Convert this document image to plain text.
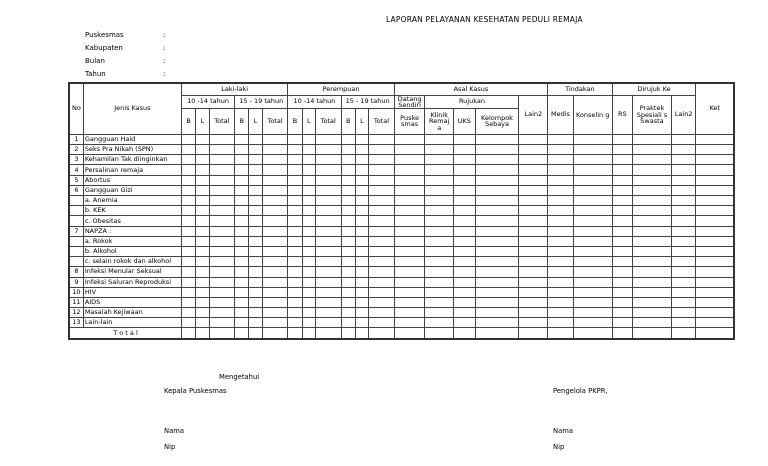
LAPORAN PELAYANAN KESEHATAN PEDULI REMAJA
Puskesmas	:
Kabupaten	:
Bulan	:
Tahun	:
No	Jenis Kasus	Laki-laki						Perempuan						Asal Kasus					Tindakan		Dirujuk Ke			Ket
		10 -14 tahun			15 - 19 tahun			10 -14 tahun			15 - 19 tahun			Datang Sendiri	Rujukan			Lain2	Medis	Konselin g	RS	Praktek Spesiali s Swasta	Lain2	
		B	L	Total	B	L	Total	B	L	Total	B	L	Total	Puske smas	Klinik Remaj a	UKS	Kelompok Sebaya							
1	Gangguan Haid																							
2	Seks Pra Nikah (SPN)																							
3	Kehamilan Tak diinginkan																							
4	Persalinan remaja																							
5	Abortus																							
6	Gangguan Gizi																							
	a. Anemia																							
	b. KEK																							
	c. Obesitas																							
7	NAPZA :																							
	a. Rokok																							
	b. Alkohol																							
	c. selain rokok dan alkohol																							
8	Infeksi Menular Seksual																							
9	Infeksi Saluran Reproduksi																							
10	HIV																							
11	AIDS																							
12	Masalah Kejiwaan																							
13	Lain-lain																							
T o t a l																								
Mengetahui
Kepala Puskesmas	Pengelola PKPR,
Nama
Nip
Nama
Nip
